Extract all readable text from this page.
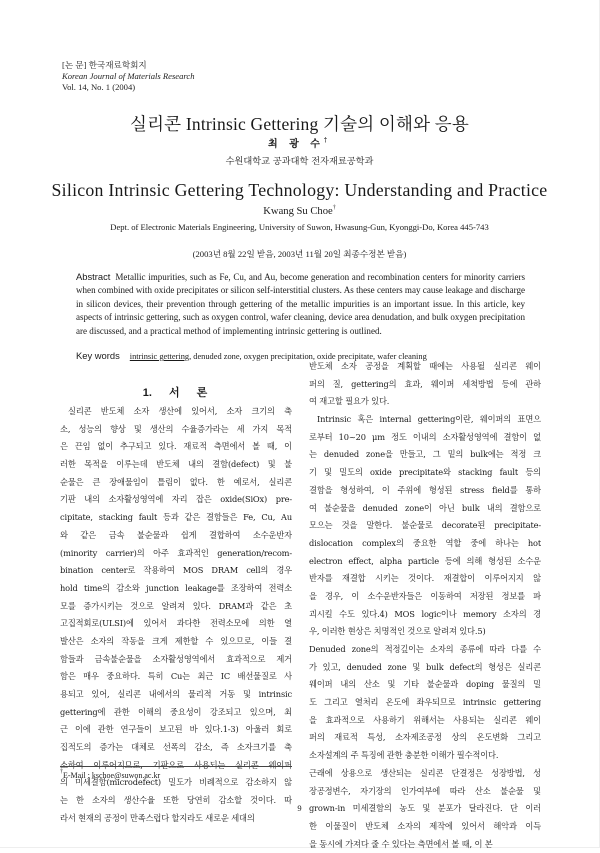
[논 문] 한국재료학회지
Korean Journal of Materials Research
Vol. 14, No. 1 (2004)
실리콘 Intrinsic Gettering 기술의 이해와 응용
최 광 수†
수원대학교 공과대학 전자재료공학과
Silicon Intrinsic Gettering Technology: Understanding and Practice
Kwang Su Choe†
Dept. of Electronic Materials Engineering, University of Suwon, Hwasung-Gun, Kyonggi-Do, Korea 445-743
(2003년 8월 22일 받음, 2003년 11월 20일 최종수정본 받음)
Abstract Metallic impurities, such as Fe, Cu, and Au, become generation and recombination centers for minority carriers when combined with oxide precipitates or silicon self-interstitial clusters. As these centers may cause leakage and discharge in silicon devices, their prevention through gettering of the metallic impurities is an important issue. In this article, key aspects of intrinsic gettering, such as oxygen control, wafer cleaning, device area denudation, and bulk oxygen precipitation are discussed, and a practical method of implementing intrinsic gettering is outlined.
Key words intrinsic gettering, denuded zone, oxygen precipitation, oxide precipitate, wafer cleaning
1. 서 론
실리콘 반도체 소자 생산에 있어서, 소자 크기의 축
소, 성능의 향상 및 생산의 수율증가라는 세 가지 목적
은 끈임 없이 추구되고 있다. 재료적 측면에서 볼 때, 이
러한 목적을 이루는데 반도체 내의 결함(defect) 및 불
순물은 큰 장애물임이 틀림이 없다. 한 예로서, 실리콘
기판 내의 소자활성영역에 자리 잡은 oxide(SiOx) pre-
cipitate, stacking fault 등과 같은 결함들은 Fe, Cu, Au
와 같은 금속 불순물과 쉽게 결합하여 소수운반자
(minority carrier)의 아주 효과적인 generation/recom-
bination center로 작용하여 MOS DRAM cell의 경우
hold time의 감소와 junction leakage를 조장하여 전력소
모를 증가시키는 것으로 알려져 있다. DRAM과 같은 초
고집적회로(ULSI)에 있어서 과다한 전력소모에 의한 열
발산은 소자의 작동을 크게 제한할 수 있으므로, 이들 결
함들과 금속불순물을 소자활성영역에서 효과적으로 제거
함은 매우 중요하다. 특히 Cu는 최근 IC 배선물질로 사
용되고 있어, 실리콘 내에서의 물리적 거동 및 intrinsic
gettering에 관한 이해의 중요성이 강조되고 있으며, 최
근 이에 관한 연구들이 보고된 바 있다.1-3) 아울러 회로
집적도의 증가는 대체로 선폭의 감소, 즉 소자크기를 축
소하여 이루어지므로, 기판으로 사용되는 실리콘 웨이퍼
의 미세결함(microdefect) 밀도가 비례적으로 감소하지 않
는 한 소자의 생산수율 또한 당연히 감소할 것이다. 따
라서 현재의 공정이 만족스럽다 할지라도 새로운 세대의
반도체 소자 공정을 계획할 때에는 사용될 실리콘 웨이
퍼의 질, gettering의 효과, 웨이퍼 세척방법 등에 관하
여 재고할 필요가 있다.
Intrinsic 혹은 internal gettering이란, 웨이퍼의 표면으
로부터 10~20 μm 정도 이내의 소자활성영역에 결함이 없
는 denuded zone을 만들고, 그 밑의 bulk에는 적정 크
기 및 밀도의 oxide precipitate와 stacking fault 등의
결함을 형성하여, 이 주위에 형성된 stress field를 통하
여 불순물을 denuded zone이 아닌 bulk 내의 결함으로
모으는 것을 말한다. 불순물로 decorate된 precipitate-
dislocation complex의 중요한 역할 중에 하나는 hot
electron effect, alpha particle 등에 의해 형성된 소수운
반자를 재결합 시키는 것이다. 재결합이 이루어지지 않
을 경우, 이 소수운반자들은 이동하여 저장된 정보를 파
괴시킬 수도 있다.4) MOS logic이나 memory 소자의 경
우, 이러한 현상은 치명적인 것으로 알려져 있다.5)
Denuded zone의 적정깊이는 소자의 종류에 따라 다를 수
가 있고, denuded zone 및 bulk defect의 형성은 실리콘
웨이퍼 내의 산소 및 기타 불순물과 doping 물질의 밀
도 그리고 열처리 온도에 좌우되므로 intrinsic gettering
을 효과적으로 사용하기 위해서는 사용되는 실리콘 웨이
퍼의 재료적 특성, 소자제조공정 상의 온도변화 그리고
소자설계의 주 특징에 관한 충분한 이해가 필수적이다.
근래에 상용으로 생산되는 실리콘 단결정은 성장방법, 성
장공정변수, 자기장의 인가여부에 따라 산소 불순물 및
grown-in 미세결함의 농도 및 분포가 달라진다. 단 이러
한 이물질이 반도체 소자의 제작에 있어서 해악과 이득
을 동시에 가져다 줄 수 있다는 측면에서 볼 때, 이 본
†E-Mail : kschoe@suwon.ac.kr
9
